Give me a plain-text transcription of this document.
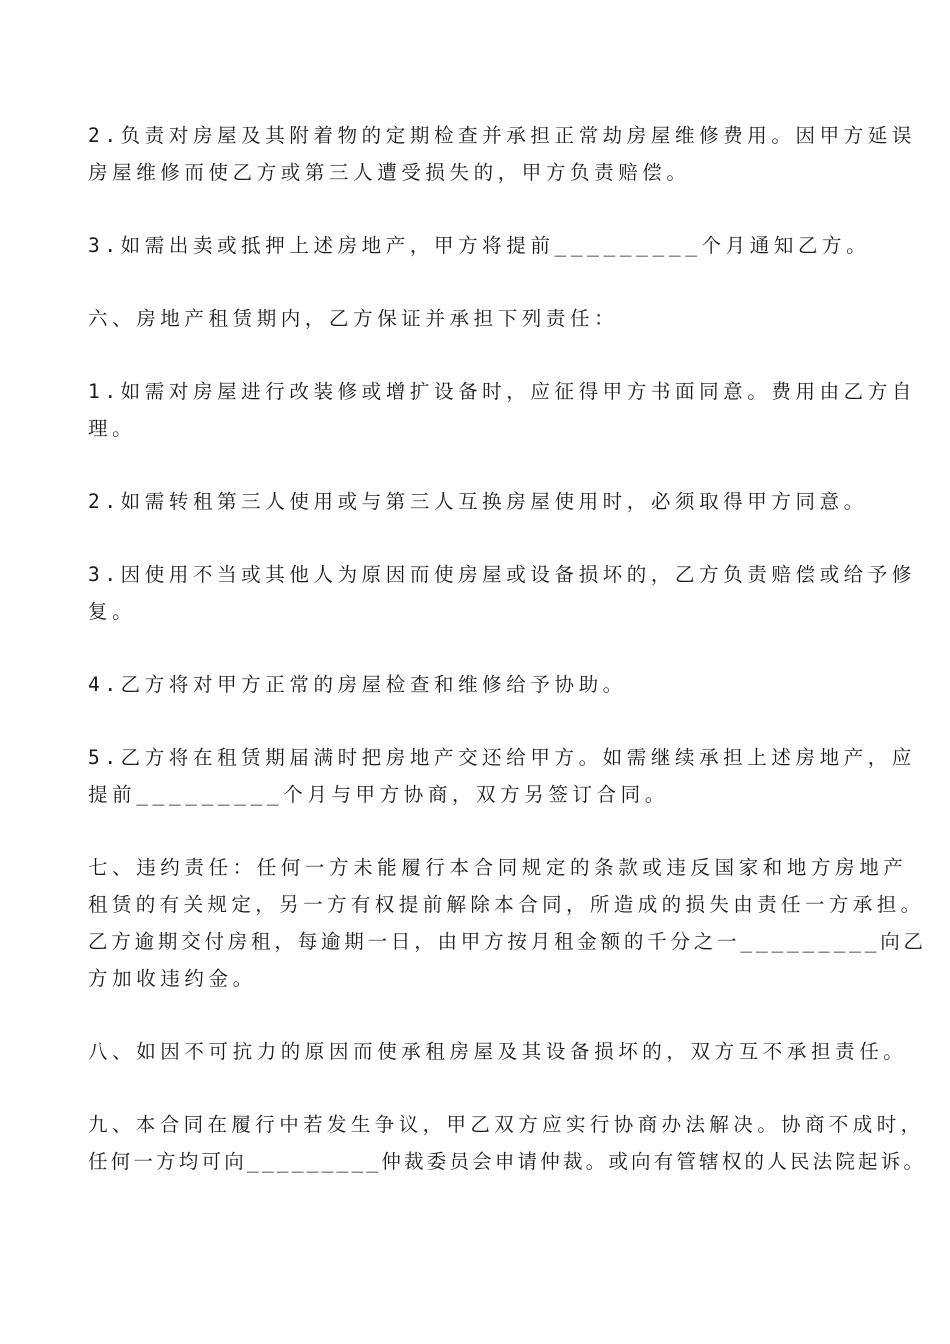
2.负责对房屋及其附着物的定期检查并承担正常劫房屋维修费用。因甲方延误
房屋维修而使乙方或第三人遭受损失的，甲方负责赔偿。

3.如需出卖或抵押上述房地产，甲方将提前_________个月通知乙方。

六、房地产租赁期内，乙方保证并承担下列责任：

1.如需对房屋进行改装修或增扩设备时，应征得甲方书面同意。费用由乙方自
理。

2.如需转租第三人使用或与第三人互换房屋使用时，必须取得甲方同意。

3.因使用不当或其他人为原因而使房屋或设备损坏的，乙方负责赔偿或给予修
复。

4.乙方将对甲方正常的房屋检查和维修给予协助。

5.乙方将在租赁期届满时把房地产交还给甲方。如需继续承担上述房地产，应
提前_________个月与甲方协商，双方另签订合同。

七、违约责任：任何一方未能履行本合同规定的条款或违反国家和地方房地产
租赁的有关规定，另一方有权提前解除本合同，所造成的损失由责任一方承担。
乙方逾期交付房租，每逾期一日，由甲方按月租金额的千分之一_________向乙
方加收违约金。

八、如因不可抗力的原因而使承租房屋及其设备损坏的，双方互不承担责任。

九、本合同在履行中若发生争议，甲乙双方应实行协商办法解决。协商不成时，
任何一方均可向_________仲裁委员会申请仲裁。或向有管辖权的人民法院起诉。
